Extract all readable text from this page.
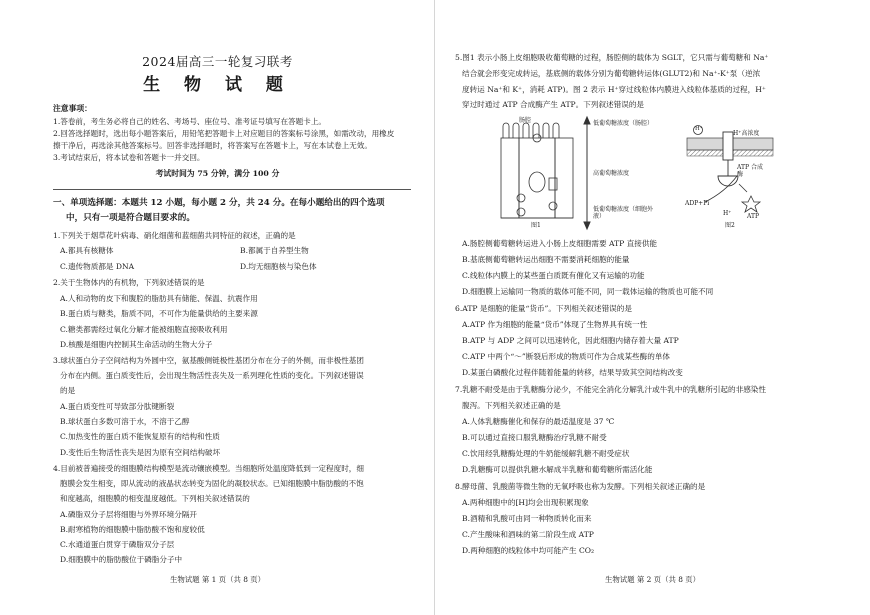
2024届高三一轮复习联考
生 物 试 题
注意事项：
1.答卷前，考生务必将自己的姓名、考场号、座位号、准考证号填写在答题卡上。
2.回答选择题时，选出每小题答案后，用铅笔把答题卡上对应题目的答案标号涂黑，如需改动，用橡皮
擦干净后，再选涂其他答案标号。回答非选择题时，将答案写在答题卡上，写在本试卷上无效。
3.考试结束后，将本试卷和答题卡一并交回。
考试时间为 75 分钟，满分 100 分
一、单项选择题：本题共 12 小题，每小题 2 分，共 24 分。在每小题给出的四个选项
中，只有一项是符合题目要求的。
1.下列关于烟草花叶病毒、硝化细菌和蓝细菌共同特征的叙述，正确的是
A.都具有核糖体	B.都属于自养型生物
C.遗传物质都是 DNA	D.均无细胞核与染色体
2.关于生物体内的有机物，下列叙述错误的是
A.人和动物的皮下和腹腔的脂肪具有储能、保温、抗震作用
B.蛋白质与糖类，脂质不同，不可作为能量供给的主要来源
C.糖类都需经过氧化分解才能被细胞直接吸收利用
D.核酸是细胞内控制其生命活动的生物大分子
3.球状蛋白分子空间结构为外圆中空，氨基酸侧链极性基团分布在分子的外侧，而非极性基团
分布在内侧。蛋白质变性后，会出现生物活性丧失及一系列理化性质的变化。下列叙述错误
的是
A.蛋白质变性可导致部分肽键断裂
B.球状蛋白多数可溶于水，不溶于乙醇
C.加热变性的蛋白质不能恢复原有的结构和性质
D.变性后生物活性丧失是因为原有空间结构破坏
4.目前被普遍接受的细胞膜结构模型是流动镶嵌模型。当细胞所处温度降低到一定程度时，细
胞膜会发生相变，即从流动的液晶状态转变为固化的凝胶状态。已知细胞膜中脂肪酸的不饱
和度越高，细胞膜的相变温度越低。下列相关叙述错误的
A.磷脂双分子层将细胞与外界环境分隔开
B.耐寒植物的细胞膜中脂肪酸不饱和度较低
C.水通道蛋白贯穿于磷脂双分子层
D.细胞膜中的脂肪酸位于磷脂分子中
生物试题 第 1 页（共 8 页）
5.图1 表示小肠上皮细胞吸收葡萄糖的过程，肠腔侧的载体为 SGLT，它只需与葡萄糖和 Na⁺
结合就会形变完成转运，基底侧的载体分别为葡萄糖转运体(GLUT2)和 Na⁺-K⁺泵（逆浓
度转运 Na⁺和 K⁺，消耗 ATP)。图 2 表示 H⁺穿过线粒体内膜进入线粒体基质的过程，H⁺
穿过时通过 ATP 合成酶产生 ATP。下列叙述错误的是
肠腔	低葡萄糖浓度（肠腔）
高葡萄糖浓度
低葡萄糖浓度（细胞外液）
图1
H⁺
H⁺高浓度
ATP 合成酶
ADP+Pi
ATP
H⁺
图2
A.肠腔侧葡萄糖转运进入小肠上皮细胞需要 ATP 直接供能
B.基底侧葡萄糖转运出细胞不需要消耗细胞的能量
C.线粒体内膜上的某些蛋白质既有催化又有运输的功能
D.细胞膜上运输同一物质的载体可能不同，同一载体运输的物质也可能不同
6.ATP 是细胞的能量“货币”。下列相关叙述错误的是
A.ATP 作为细胞的能量“货币”体现了生物界具有统一性
B.ATP 与 ADP 之间可以迅速转化，因此细胞内储存着大量 ATP
C.ATP 中两个“～”断裂后形成的物质可作为合成某些酶的单体
D.某蛋白磷酸化过程伴随着能量的转移，结果导致其空间结构改变
7.乳糖不耐受是由于乳糖酶分泌少，不能完全消化分解乳汁或牛乳中的乳糖所引起的非感染性
腹泻。下列相关叙述正确的是
A.人体乳糖酶催化和保存的最适温度是 37 ℃
B.可以通过直接口服乳糖酶治疗乳糖不耐受
C.饮用经乳糖酶处理的牛奶能缓解乳糖不耐受症状
D.乳糖酶可以提供乳糖水解成半乳糖和葡萄糖所需活化能
8.酵母菌、乳酸菌等微生物的无氧呼吸也称为发酵。下列相关叙述正确的是
A.两种细胞中的[H]均会出现积累现象
B.酒精和乳酸可由同一种物质转化而来
C.产生酸味和酒味的第二阶段生成 ATP
D.两种细胞的线粒体中均可能产生 CO₂
生物试题 第 2 页（共 8 页）
